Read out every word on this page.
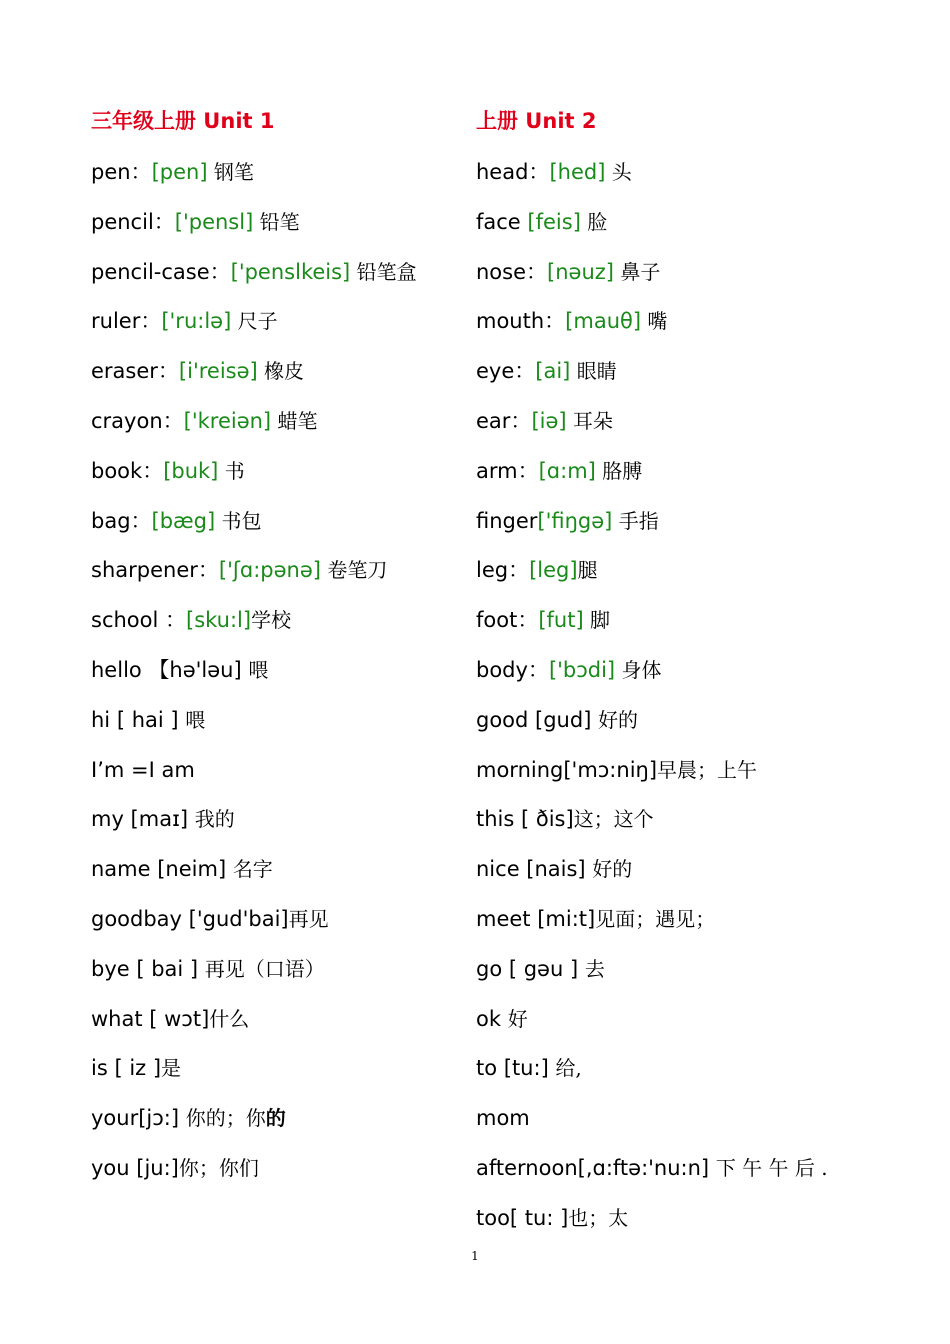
三年级上册 Unit 1
pen：[pen] 钢笔
pencil：['pensl] 铅笔
pencil-case：['penslkeis] 铅笔盒
ruler：['ru:lə] 尺子
eraser：[i'reisə] 橡皮
crayon：['kreiən] 蜡笔
book：[buk] 书
bag：[bæg] 书包
sharpener：['ʃɑ:pənə] 卷笔刀
school ：[sku:l]学校
hello 【hə'ləu] 喂
hi [ hai ] 喂
I’m =I am
my [maɪ] 我的
name [neim] 名字
goodbay ['gud'bai]再见
bye [ bai ] 再见（口语）
what [ wɔt]什么
is [ iz ]是
your[jɔ:] 你的；你的
you [ju:]你；你们
上册 Unit 2
head：[hed] 头
face [feis] 脸
nose：[nəuz] 鼻子
mouth：[mauθ] 嘴
eye：[ai] 眼睛
ear：[iə] 耳朵
arm：[ɑ:m] 胳膊
finger['fiŋgə] 手指
leg：[leg]腿
foot：[fut] 脚
body：['bɔdi] 身体
good [gud] 好的
morning['mɔ:niŋ]早晨；上午
this [ ðis]这；这个
nice [nais] 好的
meet [mi:t]见面；遇见；
go [ gəu ] 去
ok 好
to [tu:] 给,
mom
afternoon[,ɑ:ftə:'nu:n] 下 午 午 后 .
too[ tu: ]也；太
1
